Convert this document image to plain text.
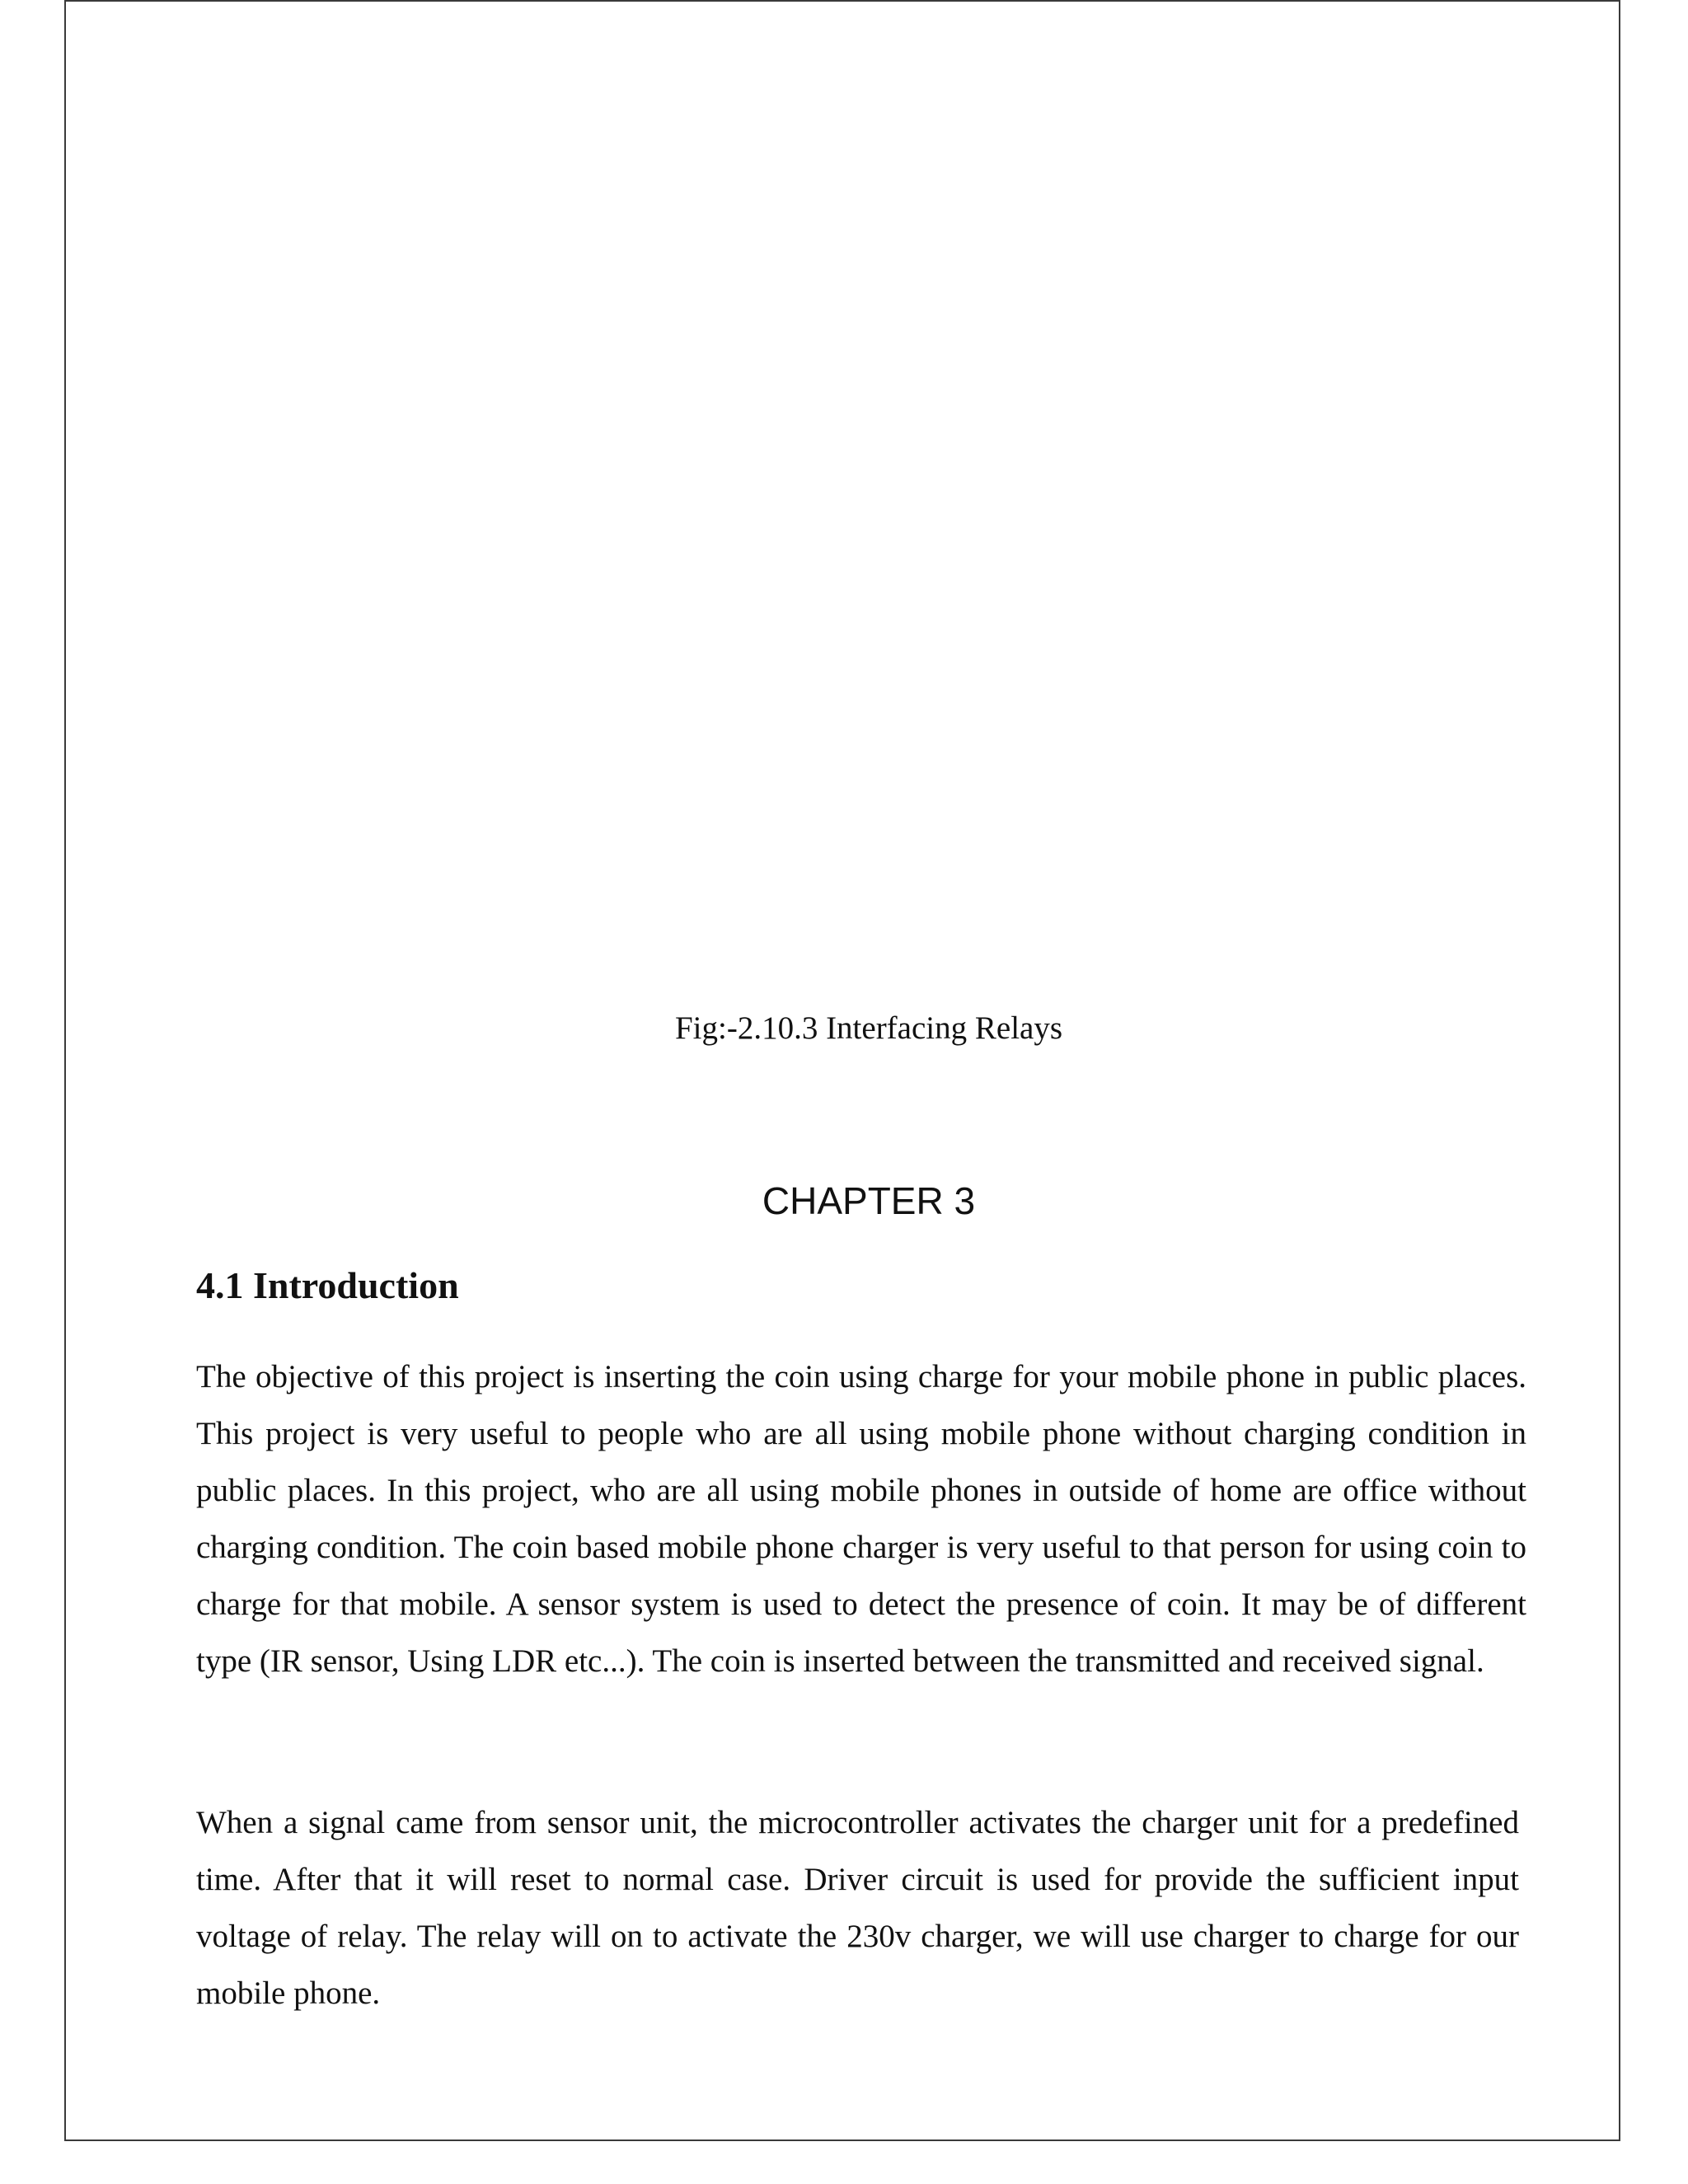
Fig:-2.10.3 Interfacing Relays
CHAPTER 3
4.1 Introduction

The objective of this project is inserting the coin using charge for your mobile phone in public places. This project is very useful to people who are all using mobile phone without charging condition in public places. In this project, who are all using mobile phones in outside of home are office without charging condition. The coin based mobile phone charger is very useful to that person for using coin to charge for that mobile. A sensor system is used to detect the presence of coin. It may be of different type (IR sensor, Using LDR etc...). The coin is inserted between the transmitted and received signal.

When a signal came from sensor unit, the microcontroller activates the charger unit for a predefined time. After that it will reset to normal case. Driver circuit is used for provide the sufficient input voltage of relay. The relay will on to activate the 230v charger, we will use charger to charge for our mobile phone.
